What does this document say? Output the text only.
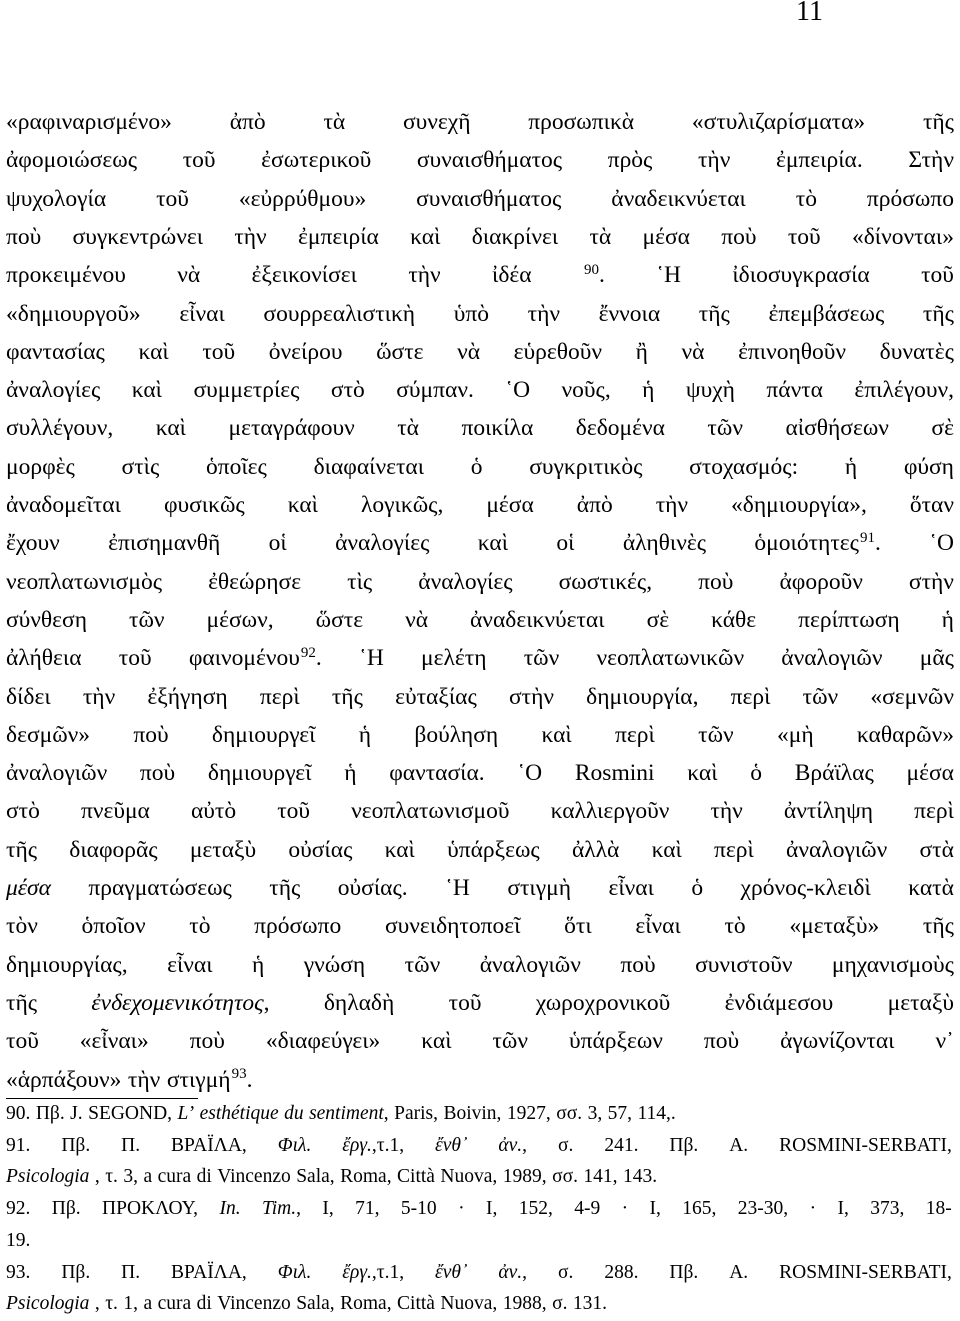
11
«ραφιναρισμένο» ἀπὸ τὰ συνεχῆ προσωπικὰ «στυλιζαρίσματα» τῆς
ἀφομοιώσεως τοῦ ἐσωτερικοῦ συναισθήματος πρὸς τὴν ἐμπειρία. Στὴν
ψυχολογία τοῦ «εὐρρύθμου» συναισθήματος ἀναδεικνύεται τὸ πρόσωπο
ποὺ συγκεντρώνει τὴν ἐμπειρία καὶ διακρίνει τὰ μέσα ποὺ τοῦ «δίνονται»
προκειμένου νὰ ἐξεικονίσει τὴν ἰδέα	$^{90}$. ῾Η ἰδιοσυγκρασία τοῦ
«δημιουργοῦ» εἶναι σουρρεαλιστικὴ ὑπὸ τὴν ἔννοια τῆς ἐπεμβάσεως τῆς
φαντασίας καὶ τοῦ ὀνείρου ὥστε νὰ εὑρεθοῦν ἢ νὰ ἐπινοηθοῦν δυνατὲς
ἀναλογίες καὶ συμμετρίες στὸ σύμπαν. ῾Ο νοῦς, ἡ ψυχὴ πάντα ἐπιλέγουν,
συλλέγουν, καὶ μεταγράφουν τὰ ποικίλα δεδομένα τῶν αἰσθήσεων σὲ
μορφὲς στὶς ὁποῖες διαφαίνεται ὁ συγκριτικὸς στοχασμός: ἡ φύση
ἀναδομεῖται φυσικῶς καὶ λογικῶς, μέσα ἀπὸ τὴν «δημιουργία», ὅταν
ἔχουν ἐπισημανθῆ οἱ ἀναλογίες καὶ οἱ ἀληθινὲς ὁμοιότητες$^{91}$. ῾Ο
νεοπλατωνισμὸς ἐθεώρησε τὶς ἀναλογίες σωστικές, ποὺ ἀφοροῦν στὴν
σύνθεση τῶν μέσων, ὥστε νὰ ἀναδεικνύεται σὲ κάθε περίπτωση ἡ
ἀλήθεια τοῦ φαινομένου$^{92}$. ῾Η μελέτη τῶν νεοπλατωνικῶν ἀναλογιῶν μᾶς
δίδει τὴν ἐξήγηση περὶ τῆς εὐταξίας στὴν δημιουργία, περὶ τῶν «σεμνῶν
δεσμῶν» ποὺ δημιουργεῖ ἡ βούληση καὶ περὶ τῶν «μὴ καθαρῶν»
ἀναλογιῶν ποὺ δημιουργεῖ ἡ φαντασία. ῾Ο Rosmini καὶ ὁ Βράϊλας μέσα
στὸ πνεῦμα αὐτὸ τοῦ νεοπλατωνισμοῦ καλλιεργοῦν τὴν ἀντίληψη περὶ
τῆς διαφορᾶς μεταξὺ οὐσίας καὶ ὑπάρξεως ἀλλὰ καὶ περὶ ἀναλογιῶν στὰ
μέσα πραγματώσεως τῆς οὐσίας. ῾Η στιγμὴ εἶναι ὁ χρόνος-κλειδὶ κατὰ
τὸν ὁποῖον τὸ πρόσωπο συνειδητοποεῖ ὅτι εἶναι τὸ «μεταξὺ» τῆς
δημιουργίας, εἶναι ἡ γνώση τῶν ἀναλογιῶν ποὺ συνιστοῦν μηχανισμοὺς
τῆς ἐνδεχομενικότητος, δηλαδὴ τοῦ χωροχρονικοῦ ἐνδιάμεσου μεταξὺ
τοῦ «εἶναι» ποὺ «διαφεύγει» καὶ τῶν ὑπάρξεων ποὺ ἀγωνίζονται ν᾽
«ἁρπάξουν» τὴν στιγμή$^{93}$.
90. Πβ. J. SEGOND, L’ esthétique du sentiment, Paris, Boivin, 1927, σσ. 3, 57, 114,.
91. Πβ. Π. ΒΡΑΪΛΑ, Φιλ. ἔργ.,τ.1, ἔνθ᾽ ἀν., σ. 241. Πβ. A. ROSMINI-SERBATI,
Psicologia , τ. 3, a cura di Vincenzo Sala, Roma, Città Nuova, 1989, σσ. 141, 143.
92. Πβ. ΠΡΟΚΛΟΥ, In. Tim., I, 71, 5-10 · I, 152, 4-9 · I, 165, 23-30, · I, 373, 18-
19.
93. Πβ. Π. ΒΡΑΪΛΑ, Φιλ. ἔργ.,τ.1, ἔνθ᾽ ἀν., σ. 288. Πβ. A. ROSMINI-SERBATI,
Psicologia , τ. 1, a cura di Vincenzo Sala, Roma, Città Nuova, 1988, σ. 131.
